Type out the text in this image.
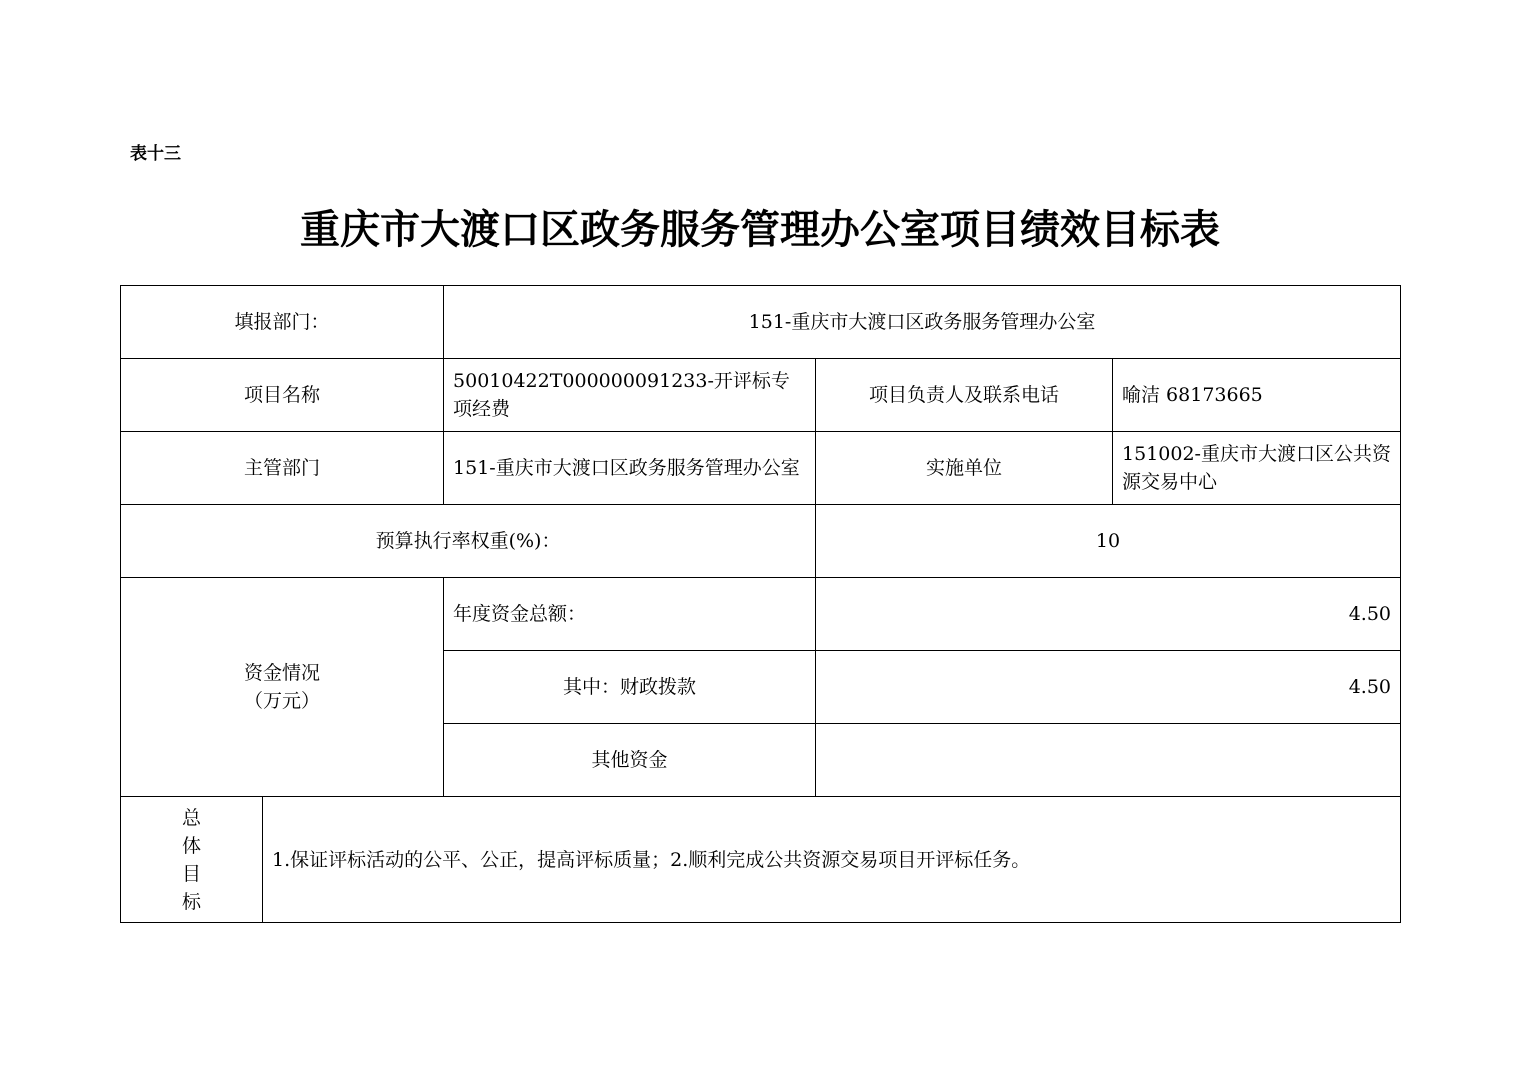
表十三
重庆市大渡口区政务服务管理办公室项目绩效目标表
填报部门：		151-重庆市大渡口区政务服务管理办公室		
项目名称		50010422T000000091233-开评标专项经费	项目负责人及联系电话	喻洁 68173665
主管部门		151-重庆市大渡口区政务服务管理办公室	实施单位	151002-重庆市大渡口区公共资源交易中心
预算执行率权重(%)：			10	

资金情况
（万元）		年度资金总额：	4.50	
		其中：财政拨款	4.50	
		其他资金		

总
体
目
标	1.保证评标活动的公平、公正，提高评标质量；2.顺利完成公共资源交易项目开评标任务。			
